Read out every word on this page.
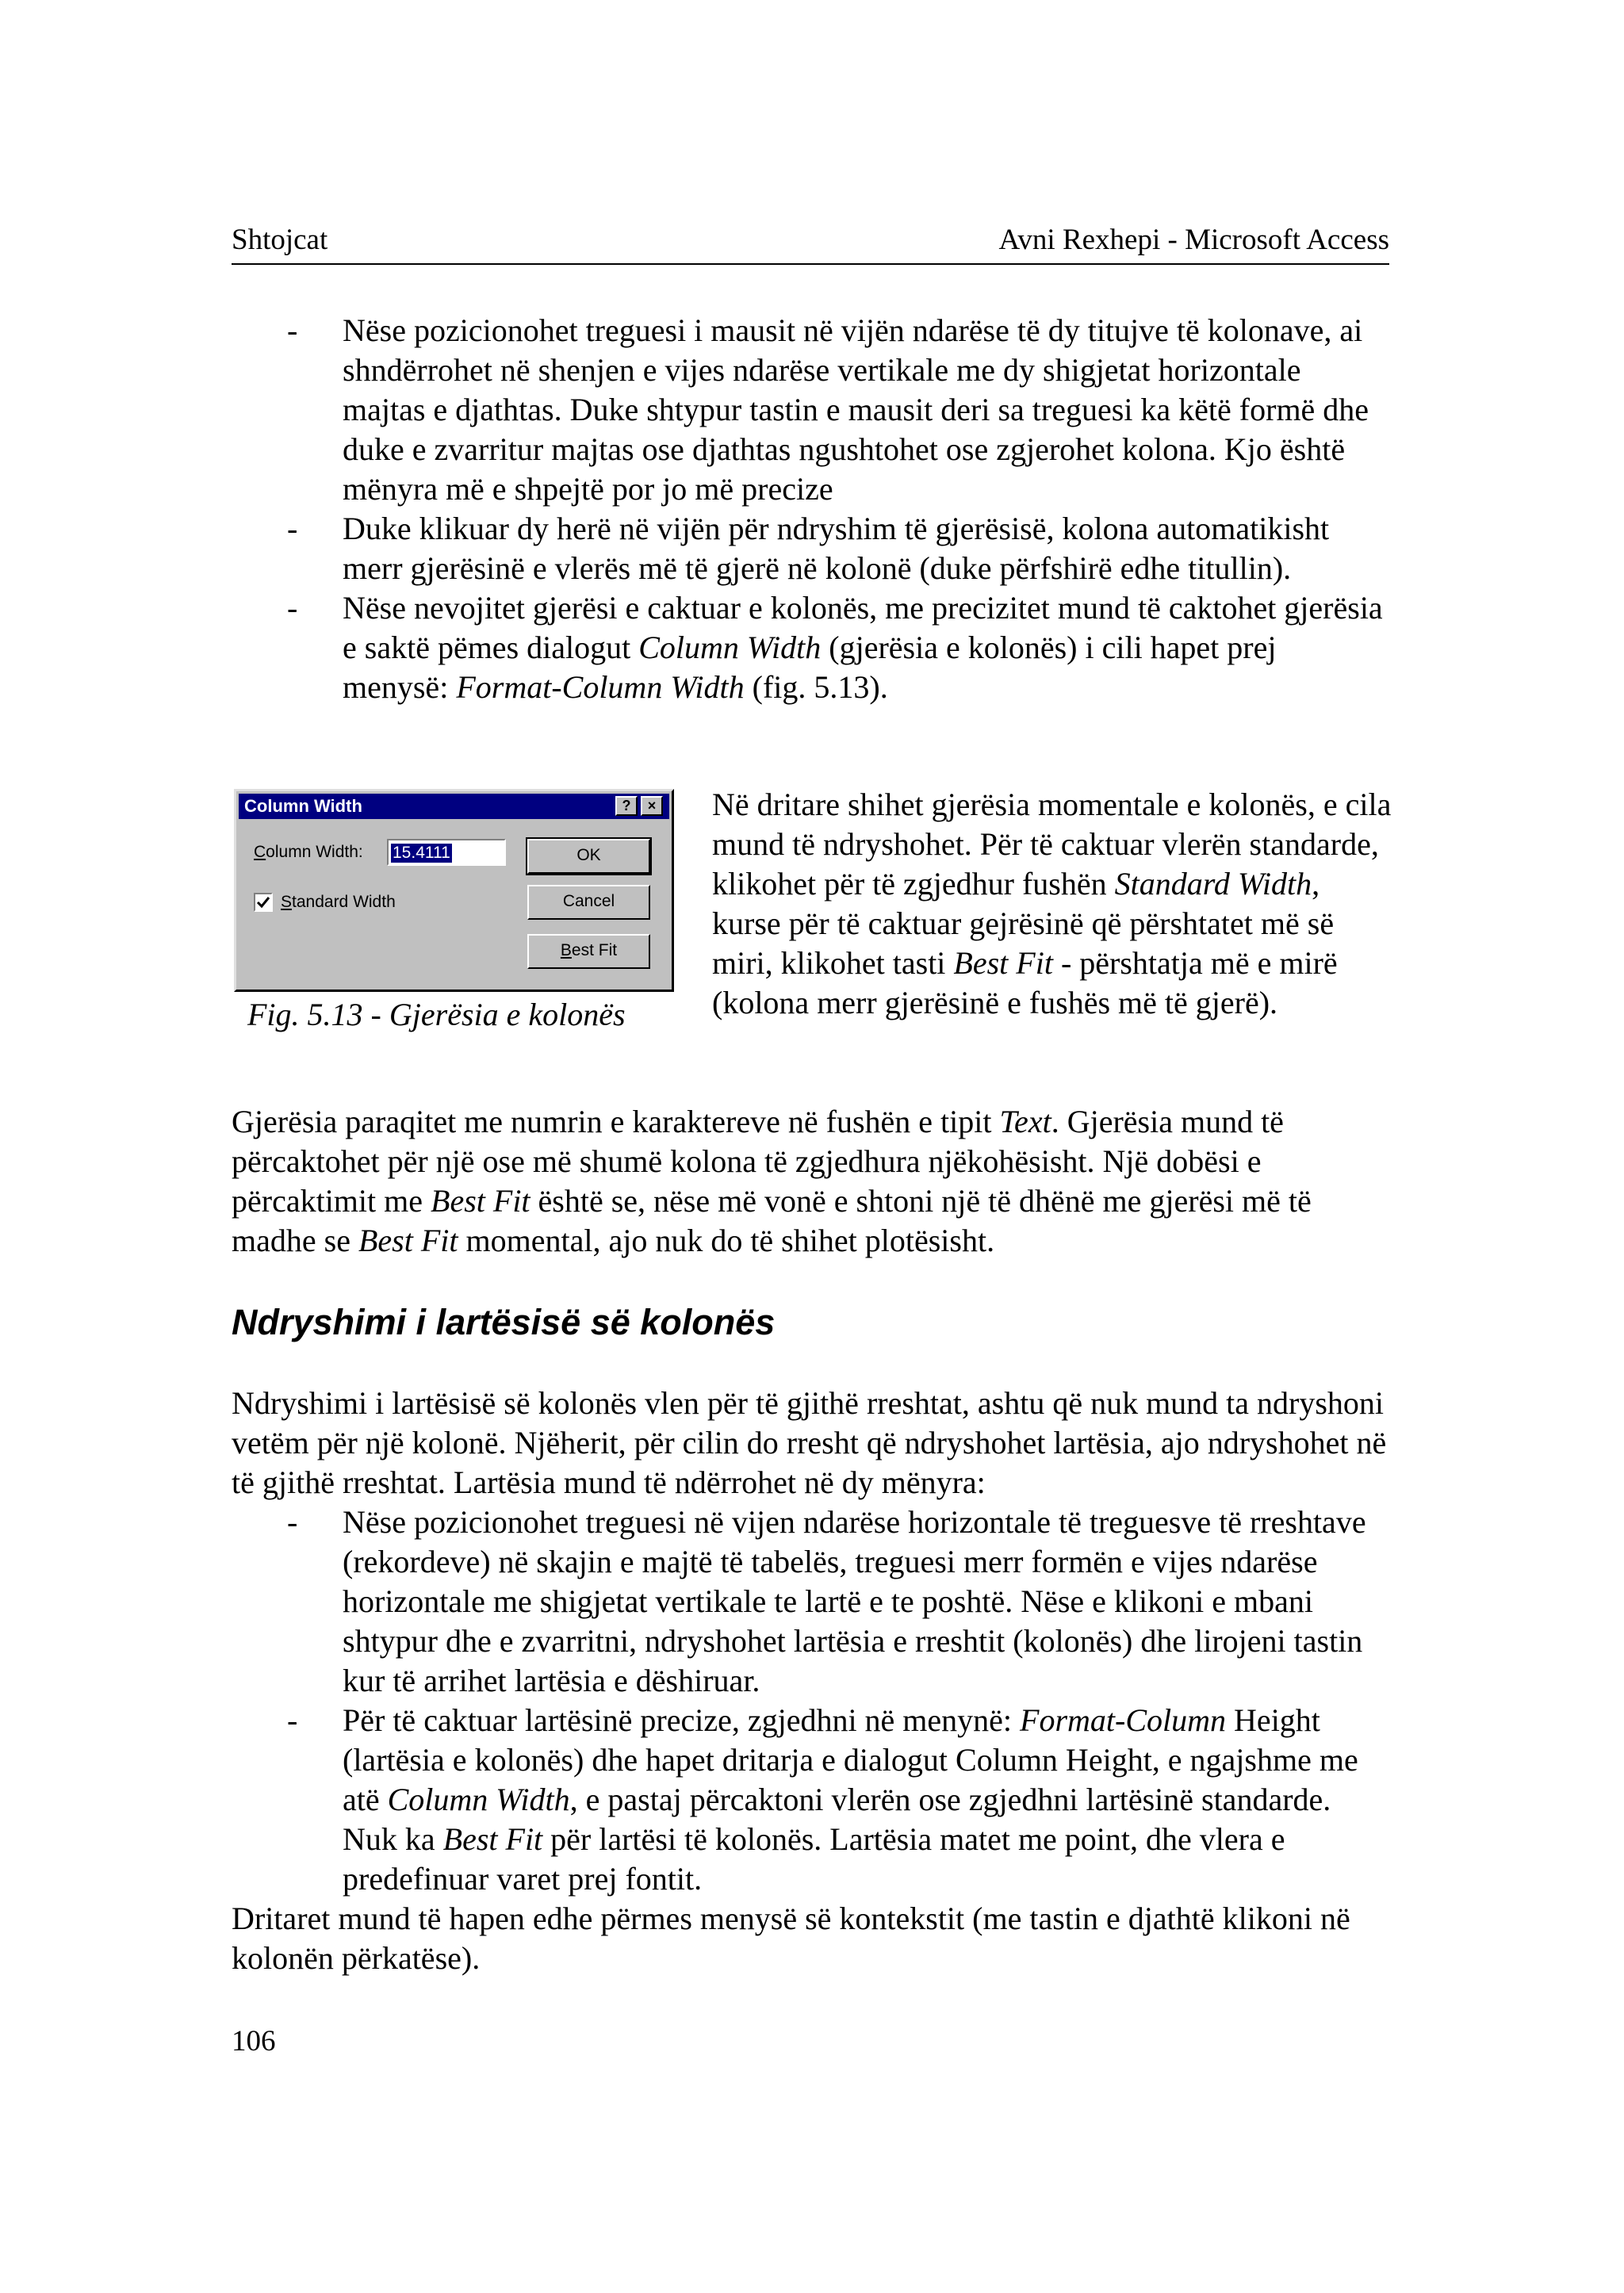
Shtojcat	Avni Rexhepi - Microsoft Access
- Nëse pozicionohet treguesi i mausit në vijën ndarëse të dy titujve të kolonave, ai shndërrohet në shenjen e vijes ndarëse vertikale me dy shigjetat horizontale majtas e djathtas. Duke shtypur tastin e mausit deri sa treguesi ka këtë formë dhe duke e zvarritur majtas ose djathtas ngushtohet ose zgjerohet kolona. Kjo është mënyra më e shpejtë por jo më precize
- Duke klikuar dy herë në vijën për ndryshim të gjerësisë, kolona automatikisht merr gjerësinë e vlerës më të gjerë në kolonë (duke përfshirë edhe titullin).
- Nëse nevojitet gjerësi e caktuar e kolonës, me precizitet mund të caktohet gjerësia e saktë pëmes dialogut Column Width (gjerësia e kolonës) i cili hapet prej menysë: Format-Column Width (fig. 5.13).
Column Width	?	×
Column Width: 15.4111
Standard Width
OK
Cancel
Best Fit
Fig. 5.13 - Gjerësia e kolonës

Në dritare shihet gjerësia momentale e kolonës, e cila mund të ndryshohet. Për të caktuar vlerën standarde, klikohet për të zgjedhur fushën Standard Width, kurse për të caktuar gejrësinë që përshtatet më së miri, klikohet tasti Best Fit - përshtatja më e mirë (kolona merr gjerësinë e fushës më të gjerë).

Gjerësia paraqitet me numrin e karaktereve në fushën e tipit Text. Gjerësia mund të përcaktohet për një ose më shumë kolona të zgjedhura njëkohësisht. Një dobësi e përcaktimit me Best Fit është se, nëse më vonë e shtoni një të dhënë me gjerësi më të madhe se Best Fit momental, ajo nuk do të shihet plotësisht.

Ndryshimi i lartësisë së kolonës

Ndryshimi i lartësisë së kolonës vlen për të gjithë rreshtat, ashtu që nuk mund ta ndryshoni vetëm për një kolonë. Njëherit, për cilin do rresht që ndryshohet lartësia, ajo ndryshohet në të gjithë rreshtat. Lartësia mund të ndërrohet në dy mënyra:

- Nëse pozicionohet treguesi në vijen ndarëse horizontale të treguesve të rreshtave (rekordeve) në skajin e majtë të tabelës, treguesi merr formën e vijes ndarëse horizontale me shigjetat vertikale te lartë e te poshtë. Nëse e klikoni e mbani shtypur dhe e zvarritni, ndryshohet lartësia e rreshtit (kolonës) dhe lirojeni tastin kur të arrihet lartësia e dëshiruar.
- Për të caktuar lartësinë precize, zgjedhni në menynë: Format-Column Height (lartësia e kolonës) dhe hapet dritarja e dialogut Column Height, e ngajshme me atë Column Width, e pastaj përcaktoni vlerën ose zgjedhni lartësinë standarde. Nuk ka Best Fit për lartësi të kolonës. Lartësia matet me point, dhe vlera e predefinuar varet prej fontit.

Dritaret mund të hapen edhe përmes menysë së kontekstit (me tastin e djathtë klikoni në kolonën përkatëse).

106
